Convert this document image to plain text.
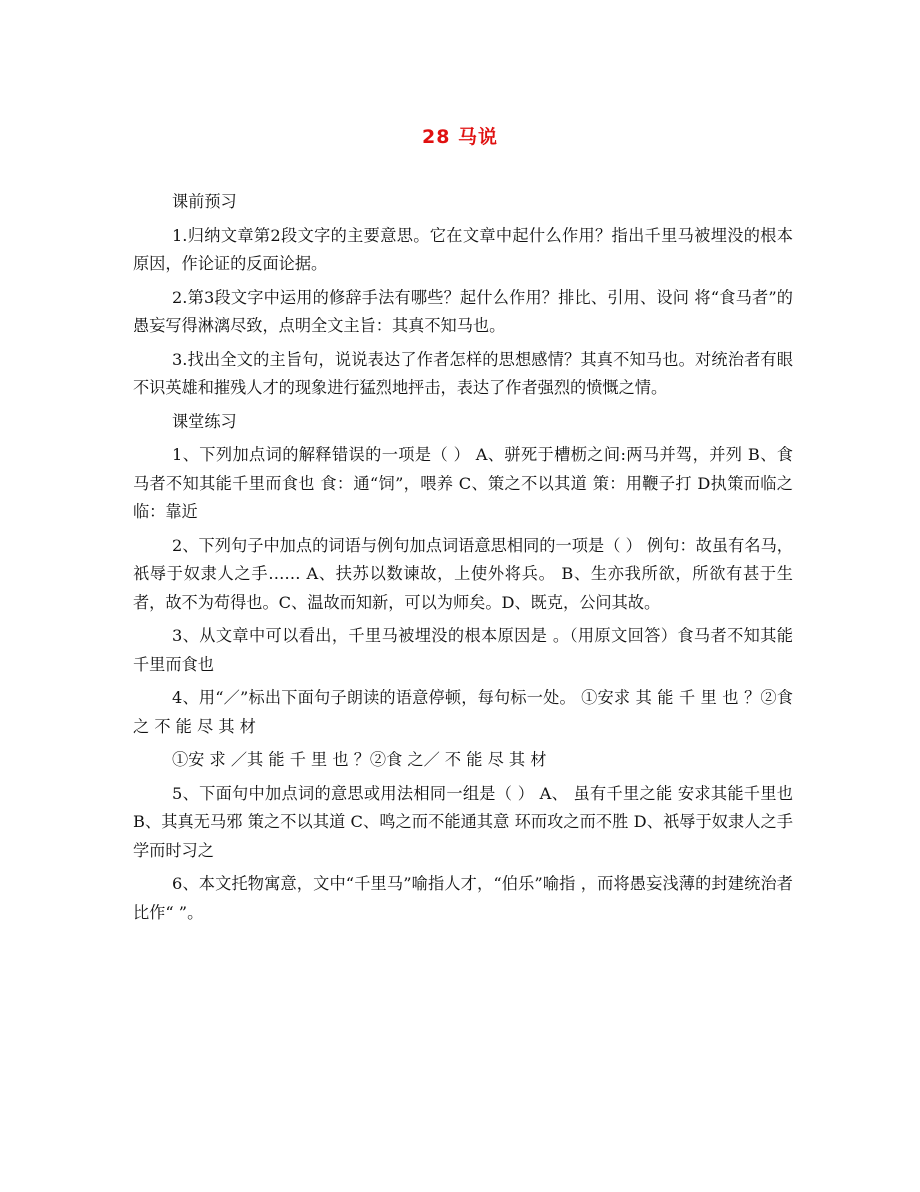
28 马说

课前预习

1.归纳文章第2段文字的主要意思。它在文章中起什么作用？指出千里马被埋没的根本原因，作论证的反面论据。

2.第3段文字中运用的修辞手法有哪些？起什么作用？排比、引用、设问 将“食马者”的愚妄写得淋漓尽致，点明全文主旨：其真不知马也。

3.找出全文的主旨句，说说表达了作者怎样的思想感情？其真不知马也。对统治者有眼不识英雄和摧残人才的现象进行猛烈地抨击，表达了作者强烈的愤慨之情。

课堂练习

1、下列加点词的解释错误的一项是（ ） A、骈死于槽枥之间:两马并驾，并列 B、食马者不知其能千里而食也 食：通“饲”，喂养 C、策之不以其道 策：用鞭子打 D执策而临之 临：靠近

2、下列句子中加点的词语与例句加点词语意思相同的一项是（ ） 例句：故虽有名马，祇辱于奴隶人之手…… A、扶苏以数谏故，上使外将兵。 B、生亦我所欲，所欲有甚于生者，故不为苟得也。C、温故而知新，可以为师矣。D、既克，公问其故。

3、从文章中可以看出，千里马被埋没的根本原因是 。（用原文回答）食马者不知其能千里而食也

4、用“／”标出下面句子朗读的语意停顿，每句标一处。 ①安求 其 能 千 里 也 ？②食 之 不 能 尽 其 材

①安 求 ／其 能 千 里 也 ？②食 之／ 不 能 尽 其 材

5、下面句中加点词的意思或用法相同一组是（ ） A、 虽有千里之能 安求其能千里也 B、其真无马邪 策之不以其道 C、鸣之而不能通其意 环而攻之而不胜 D、祇辱于奴隶人之手 学而时习之

6、本文托物寓意，文中“千里马”喻指人才，“伯乐”喻指 ，而将愚妄浅薄的封建统治者比作“ ”。
